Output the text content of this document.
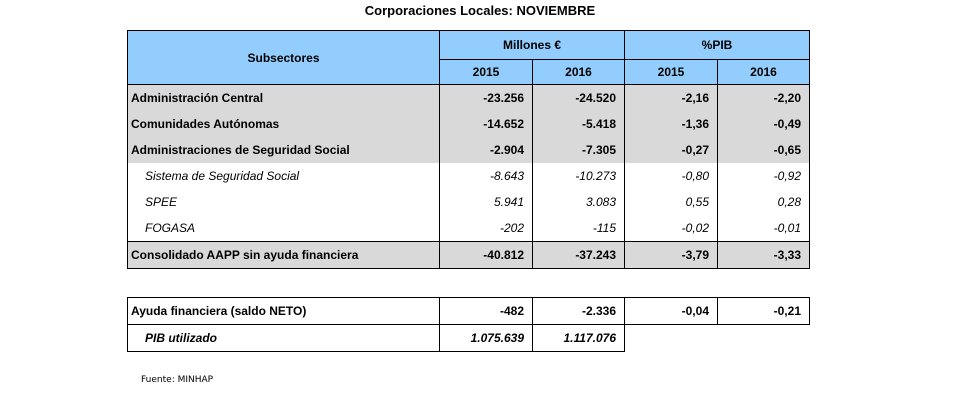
Corporaciones Locales: NOVIEMBRE
Subsectores	Millones €		%PIB	
	2015	2016	2015	2016
Administración Central	-23.256	-24.520	-2,16	-2,20
Comunidades Autónomas	-14.652	-5.418	-1,36	-0,49
Administraciones de Seguridad Social	-2.904	-7.305	-0,27	-0,65
Sistema de Seguridad Social	-8.643	-10.273	-0,80	-0,92
SPEE	5.941	3.083	0,55	0,28
FOGASA	-202	-115	-0,02	-0,01
Consolidado AAPP sin ayuda financiera	-40.812	-37.243	-3,79	-3,33
Ayuda financiera (saldo NETO)	-482	-2.336	-0,04	-0,21
PIB utilizado	1.075.639	1.117.076		
Fuente: MINHAP
